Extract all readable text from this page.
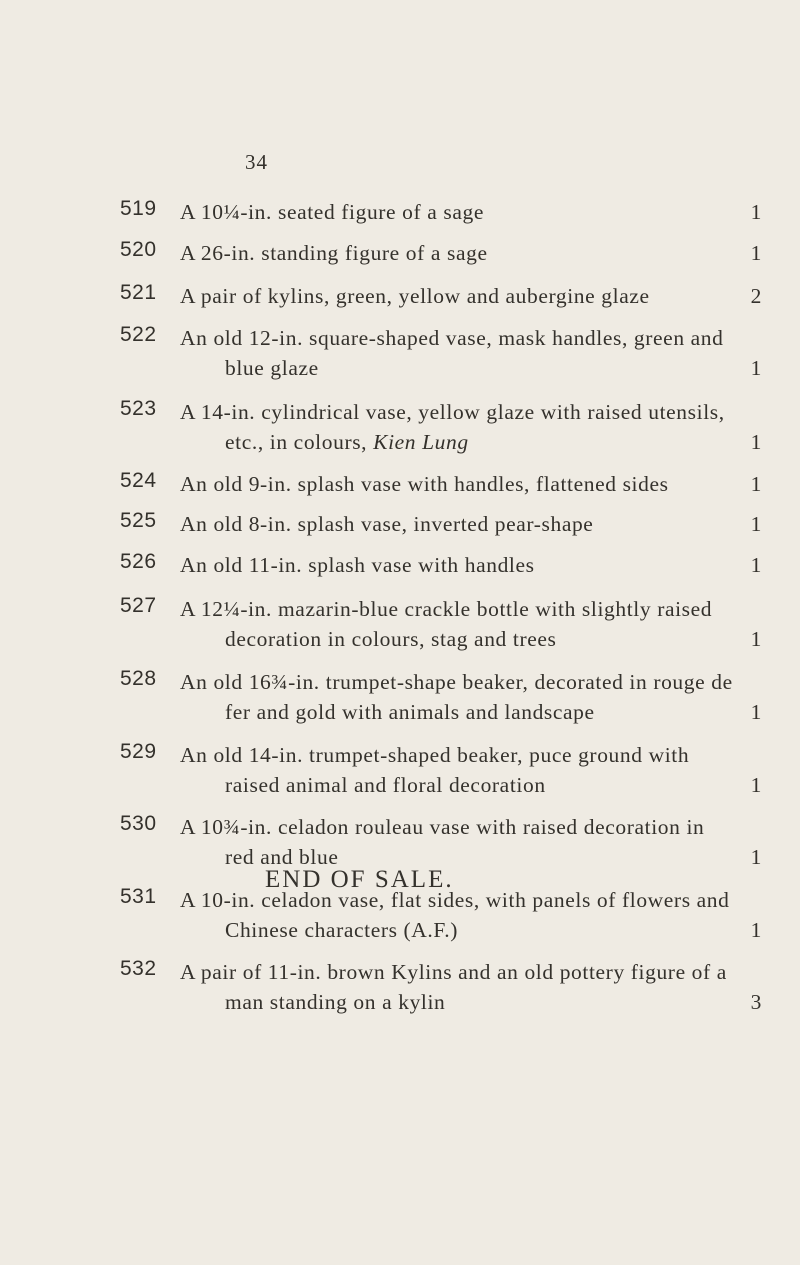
34
519 A 10¼-in. seated figure of a sage	1
520 A 26-in. standing figure of a sage	1
521 A pair of kylins, green, yellow and aubergine glaze	2
522 An old 12-in. square-shaped vase, mask handles, green and
blue glaze	1
523 A 14-in. cylindrical vase, yellow glaze with raised utensils,
etc., in colours, Kien Lung	1
524 An old 9-in. splash vase with handles, flattened sides	1
525 An old 8-in. splash vase, inverted pear-shape	1
526 An old 11-in. splash vase with handles	1
527 A 12¼-in. mazarin-blue crackle bottle with slightly raised
decoration in colours, stag and trees	1
528 An old 16¾-in. trumpet-shape beaker, decorated in rouge de
fer and gold with animals and landscape	1
529 An old 14-in. trumpet-shaped beaker, puce ground with
raised animal and floral decoration	1
530 A 10¾-in. celadon rouleau vase with raised decoration in
red and blue	1
531 A 10-in. celadon vase, flat sides, with panels of flowers and
Chinese characters (A.F.)	1
532 A pair of 11-in. brown Kylins and an old pottery figure of a
man standing on a kylin	3
END OF SALE.
